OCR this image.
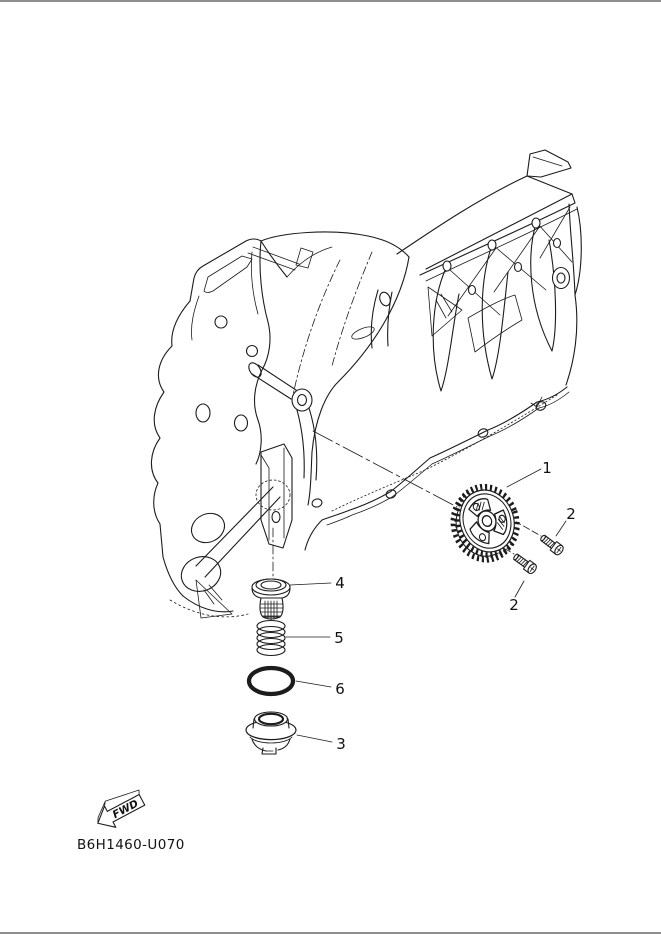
1
2
2
4
5
6
3
FWD
B6H1460-U070
